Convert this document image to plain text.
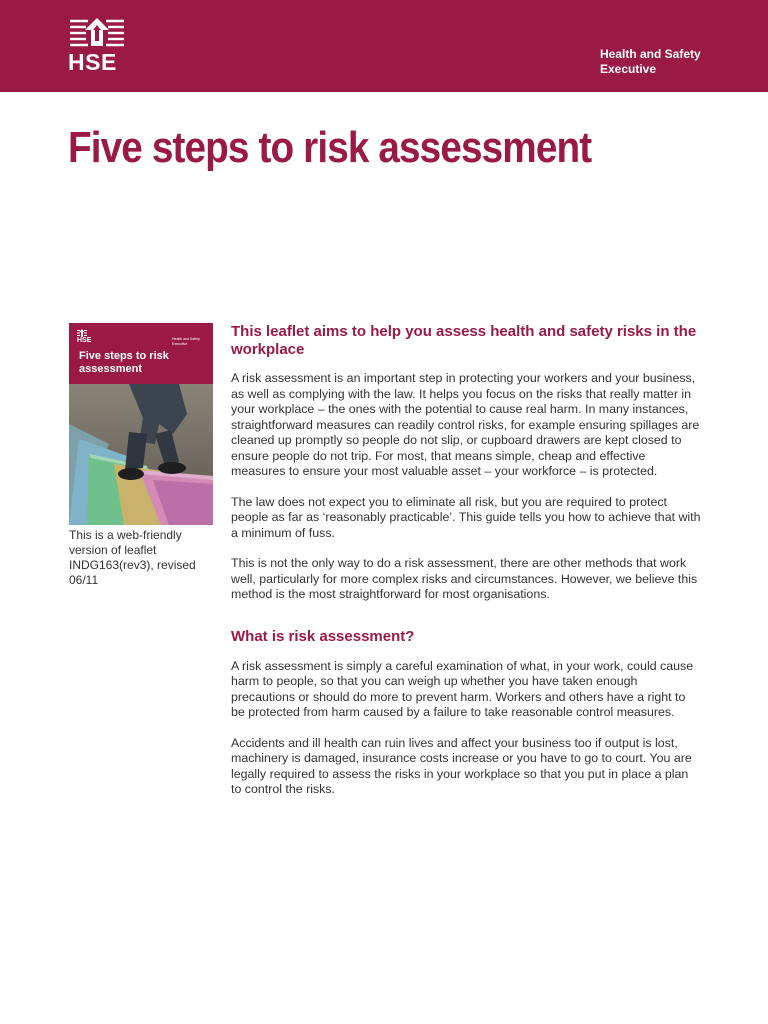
HSE	Health and Safety
Executive
Five steps to risk assessment
HSE	Health and Safety Executive
Five steps to risk assessment
This is a web-friendly version of leaflet INDG163(rev3), revised 06/11
This leaflet aims to help you assess health and safety risks in the workplace

A risk assessment is an important step in protecting your workers and your business, as well as complying with the law. It helps you focus on the risks that really matter in your workplace – the ones with the potential to cause real harm. In many instances, straightforward measures can readily control risks, for example ensuring spillages are cleaned up promptly so people do not slip, or cupboard drawers are kept closed to ensure people do not trip. For most, that means simple, cheap and effective measures to ensure your most valuable asset – your workforce – is protected.

The law does not expect you to eliminate all risk, but you are required to protect people as far as ‘reasonably practicable’. This guide tells you how to achieve that with a minimum of fuss.

This is not the only way to do a risk assessment, there are other methods that work well, particularly for more complex risks and circumstances. However, we believe this method is the most straightforward for most organisations.

What is risk assessment?

A risk assessment is simply a careful examination of what, in your work, could cause harm to people, so that you can weigh up whether you have taken enough precautions or should do more to prevent harm. Workers and others have a right to be protected from harm caused by a failure to take reasonable control measures.

Accidents and ill health can ruin lives and affect your business too if output is lost, machinery is damaged, insurance costs increase or you have to go to court. You are legally required to assess the risks in your workplace so that you put in place a plan to control the risks.
